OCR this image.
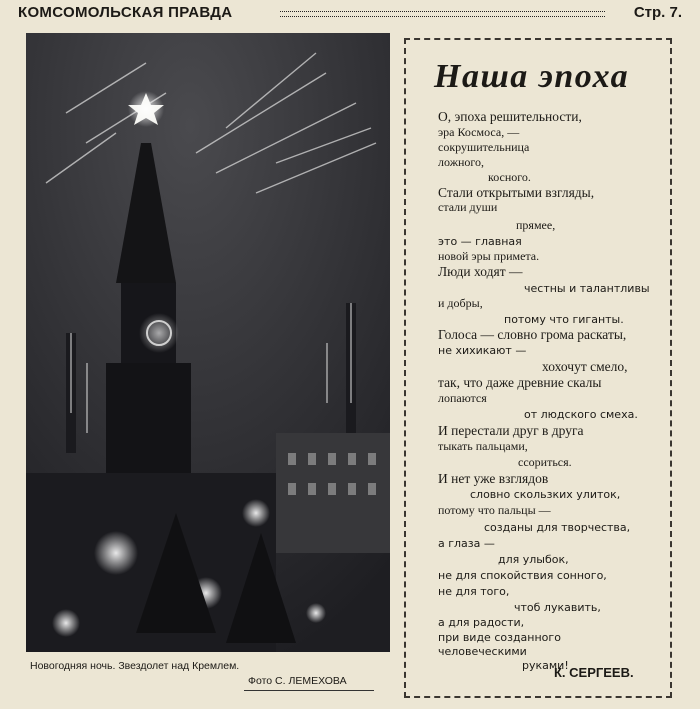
КОМСОМОЛЬСКАЯ ПРАВДА	Стр. 7.
Новогодняя ночь. Звездолет над Кремлем.
Фото С. ЛЕМЕХОВА
Наша эпоха
О, эпоха решительности,
эра Космоса, —
сокрушительница
ложного,
косного.
Стали открытыми взгляды,
стали души
прямее,
это — главная
новой эры примета.
Люди ходят —
честны и талантливы
и добры,
потому что гиганты.
Голоса — словно грома раскаты,
не хихикают —
хохочут смело,
так, что даже древние скалы
лопаются
от людского смеха.
И перестали друг в друга
тыкать пальцами,
ссориться.
И нет уже взглядов
словно скользких улиток,
потому что пальцы —
созданы для творчества,
а глаза —
для улыбок,
не для спокойствия сонного,
не для того,
чтоб лукавить,
а для радости,
при виде созданного
человеческими
руками!
К. СЕРГЕЕВ.
